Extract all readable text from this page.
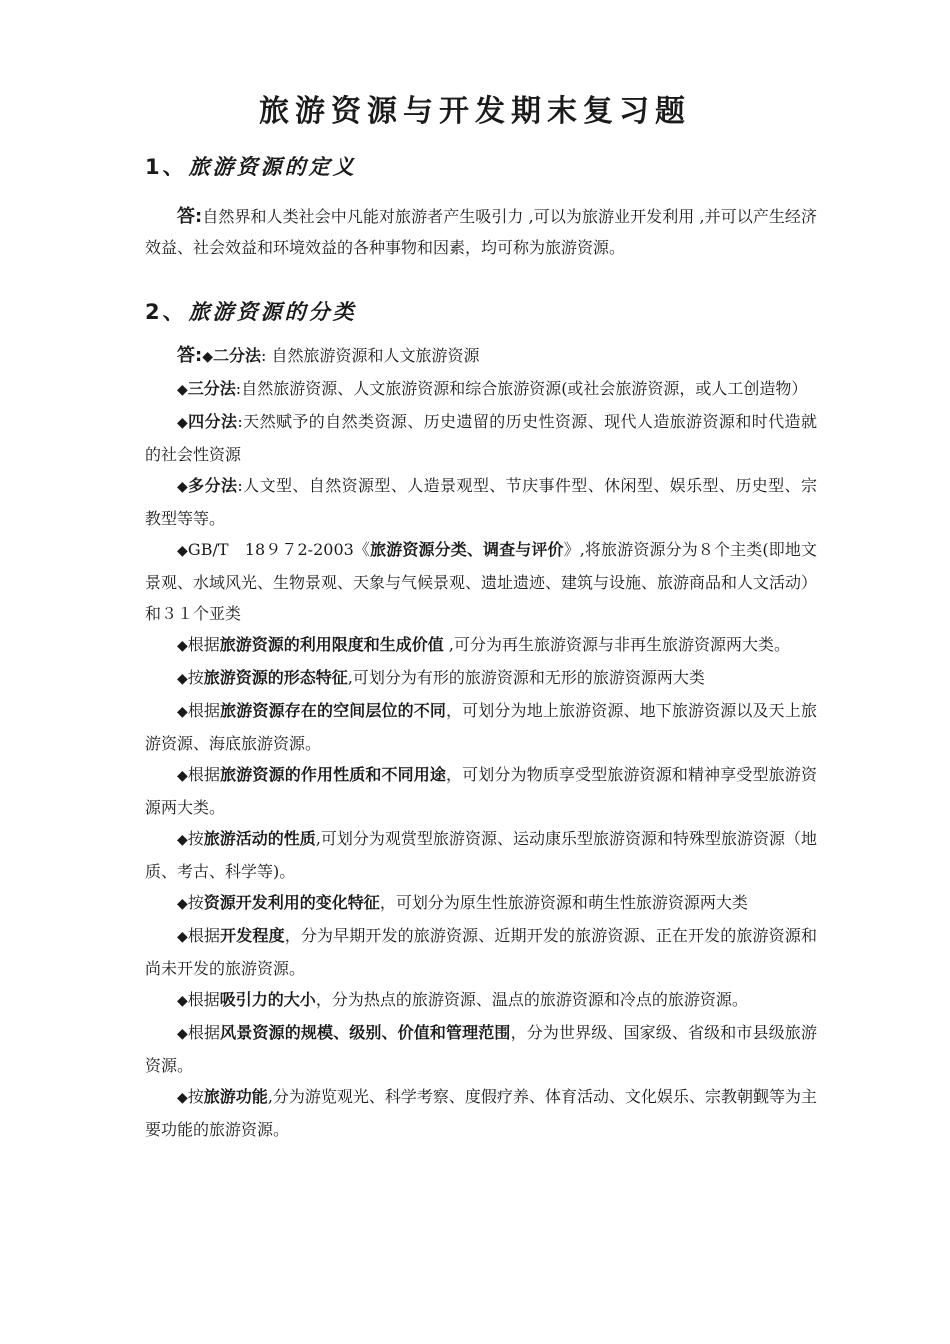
旅游资源与开发期末复习题
1、旅游资源的定义

答:自然界和人类社会中凡能对旅游者产生吸引力 ,可以为旅游业开发利用 ,并可以产生经济效益、社会效益和环境效益的各种事物和因素，均可称为旅游资源。

2、旅游资源的分类

答:◆二分法: 自然旅游资源和人文旅游资源

◆三分法:自然旅游资源、人文旅游资源和综合旅游资源(或社会旅游资源，或人工创造物）

◆四分法:天然赋予的自然类资源、历史遗留的历史性资源、现代人造旅游资源和时代造就的社会性资源

◆多分法:人文型、自然资源型、人造景观型、节庆事件型、休闲型、娱乐型、历史型、宗教型等等。

◆GB/T　18９７2-2003《旅游资源分类、调查与评价》,将旅游资源分为８个主类(即地文景观、水域风光、生物景观、天象与气候景观、遗址遗迹、建筑与设施、旅游商品和人文活动）和３１个亚类

◆根据旅游资源的利用限度和生成价值 ,可分为再生旅游资源与非再生旅游资源两大类。

◆按旅游资源的形态特征,可划分为有形的旅游资源和无形的旅游资源两大类

◆根据旅游资源存在的空间层位的不同，可划分为地上旅游资源、地下旅游资源以及天上旅游资源、海底旅游资源。

◆根据旅游资源的作用性质和不同用途，可划分为物质享受型旅游资源和精神享受型旅游资源两大类。

◆按旅游活动的性质,可划分为观赏型旅游资源、运动康乐型旅游资源和特殊型旅游资源（地质、考古、科学等)。

◆按资源开发利用的变化特征，可划分为原生性旅游资源和萌生性旅游资源两大类

◆根据开发程度，分为早期开发的旅游资源、近期开发的旅游资源、正在开发的旅游资源和尚未开发的旅游资源。

◆根据吸引力的大小，分为热点的旅游资源、温点的旅游资源和冷点的旅游资源。

◆根据风景资源的规模、级别、价值和管理范围，分为世界级、国家级、省级和市县级旅游资源。

◆按旅游功能,分为游览观光、科学考察、度假疗养、体育活动、文化娱乐、宗教朝觐等为主要功能的旅游资源。
